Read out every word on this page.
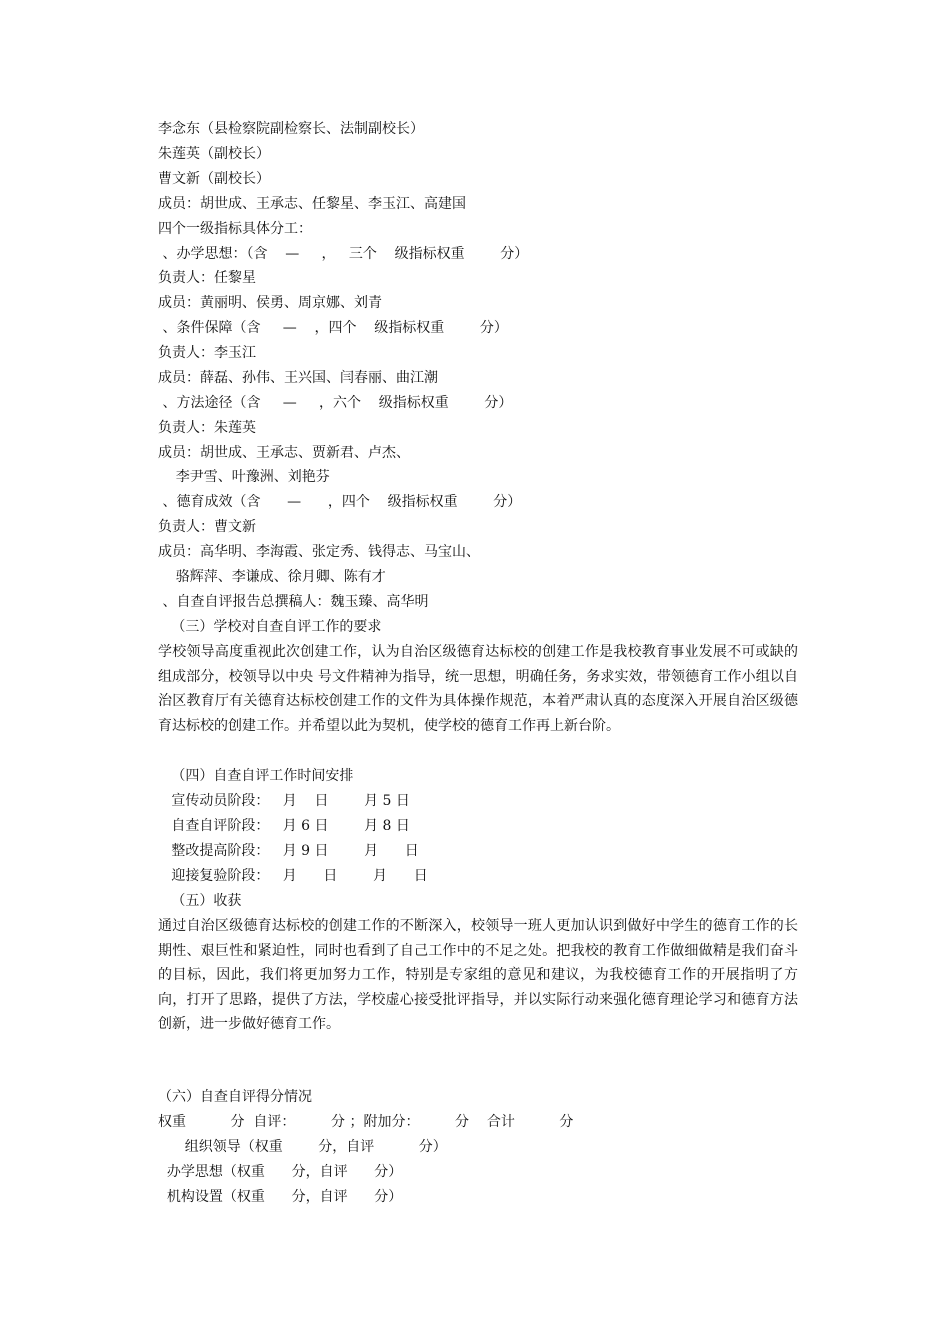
李念东（县检察院副检察长、法制副校长）
朱莲英（副校长）
曹文新（副校长）
成员：胡世成、王承志、任黎星、李玉江、高建国
四个一级指标具体分工：
、办学思想：（含    —     ，   三个    级指标权重        分）
负责人：任黎星
成员：黄丽明、侯勇、周京娜、刘青
、条件保障（含     —    ，四个    级指标权重        分）
负责人：李玉江
成员：薛磊、孙伟、王兴国、闫春丽、曲江潮
、方法途径（含     —     ，六个    级指标权重        分）
负责人：朱莲英
成员：胡世成、王承志、贾新君、卢杰、
李尹雪、叶豫洲、刘艳芬
、德育成效（含      —      ，四个    级指标权重        分）
负责人：曹文新
成员：高华明、李海霞、张定秀、钱得志、马宝山、
骆辉萍、李谦成、徐月卿、陈有才
、自查自评报告总撰稿人：魏玉臻、高华明
（三）学校对自查自评工作的要求
学校领导高度重视此次创建工作，认为自治区级德育达标校的创建工作是我校教育事业发展不可或缺的组成部分，校领导以中央 号文件精神为指导，统一思想，明确任务，务求实效，带领德育工作小组以自治区教育厅有关德育达标校创建工作的文件为具体操作规范，本着严肃认真的态度深入开展自治区级德育达标校的创建工作。并希望以此为契机，使学校的德育工作再上新台阶。
（四）自查自评工作时间安排
宣传动员阶段：   月    日        月 5 日
自查自评阶段：   月 6 日        月 8 日
整改提高阶段：   月 9 日        月      日
迎接复验阶段：   月      日        月      日
（五）收获
通过自治区级德育达标校的创建工作的不断深入，校领导一班人更加认识到做好中学生的德育工作的长期性、艰巨性和紧迫性，同时也看到了自己工作中的不足之处。把我校的教育工作做细做精是我们奋斗的目标，因此，我们将更加努力工作，特别是专家组的意见和建议，为我校德育工作的开展指明了方向，打开了思路，提供了方法，学校虚心接受批评指导，并以实际行动来强化德育理论学习和德育方法创新，进一步做好德育工作。
（六）自查自评得分情况
权重          分  自评：        分 ；附加分：        分    合计          分
组织领导（权重        分，自评          分）
办学思想（权重      分，自评      分）
机构设置（权重      分，自评      分）
